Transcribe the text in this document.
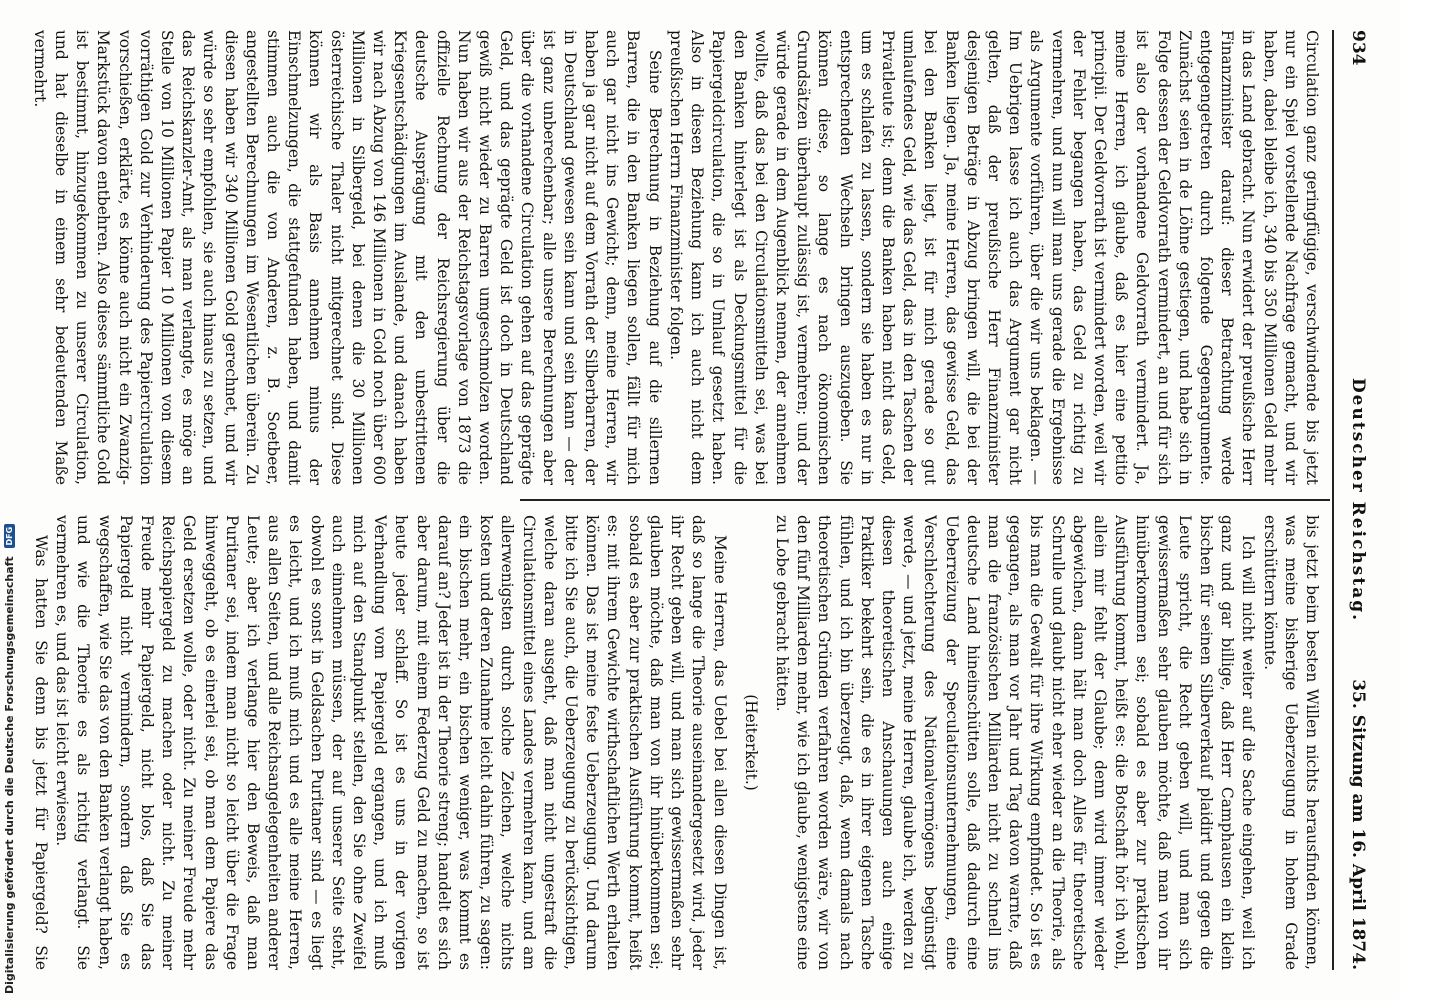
934
Deutscher Reichstag.
35. Sitzung am 16. April 1874.

Circulation ganz geringfügige, verschwindende bis jetzt nur ein Spiel vorstellende Nachfrage gemacht, und wir haben, dabei bleibe ich, 340 bis 350 Millionen Geld mehr in das Land gebracht. Nun erwidert der preußische Herr Finanzminister darauf: dieser Betrachtung werde entgegengetreten durch folgende Gegenargumente. Zunächst seien in de Löhne gestiegen, und habe sich in Folge dessen der Geldvorrath vermindert, an und für sich ist also der vorhandene Geldvorrath vermindert. Ja, meine Herren, ich glaube, daß es hier eine petitio principii. Der Geldvorrath ist vermindert worden, weil wir der Fehler begangen haben, das Geld zu richtig zu vermehren, und nun will man uns gerade die Ergebnisse als Argumente vorführen, über die wir uns beklagen. — Im Uebrigen lasse ich auch das Argument gar nicht gelten, daß der preußische Herr Finanzminister desjenigen Beträge in Abzug bringen will, die bei der Banken liegen. Ja, meine Herren, das gewisse Geld, das bei den Banken liegt, ist für mich gerade so gut umlaufendes Geld, wie das Geld, das in den Taschen der Privatleute ist; denn die Banken haben nicht das Geld, um es schlafen zu lassen, sondern sie haben es nur in entsprechenden Wechseln bringen auszugeben. Sie können diese, so lange es nach ökonomischen Grundsätzen überhaupt zulässig ist, vermehren; und der würde gerade in dem Augenblick nennen, der annehmen wollte, daß das bei den Circulationsmitteln sei, was bei den Banken hinterlegt ist als Deckungsmittel für die Papiergeldcirculation, die so in Umlauf gesetzt haben. Also in diesen Beziehung kann ich auch nicht dem preußischen Herrn Finanzminister folgen.

Seine Berechnung in Beziehung auf die sillernen Barren, die in den Banken liegen sollen, fällt für mich auch gar nicht ins Gewicht; denn, meine Herren, wir haben ja gar nicht auf dem Vorrath der Silberbarren, der in Deutschland gewesen sein kann und sein kann — der ist ganz unberechenbar; alle unsere Berechnungen aber über die vorhandene Circulation gehen auf das geprägte Geld, und das geprägte Geld ist doch in Deutschland gewiß nicht wieder zu Barren umgeschmolzen worden. Nun haben wir aus der Reichstagsvorlage von 1873 die offizielle Rechnung der Reichsregierung über die deutsche Ausprägung mit den unbestrittenen Kriegsentschädigungen im Auslande, und danach haben wir nach Abzug von 146 Millionen in Gold noch über 600 Millionen in Silbergeld, bei denen die 30 Millionen österreichische Thaler nicht mitgerechnet sind. Diese können wir als Basis annehmen minus der Einschmelzungen, die stattgefunden haben, und damit stimmen auch die von Anderen, z. B. Soetbeer, angestellten Berechnungen im Wesentlichen überein. Zu diesen haben wir 340 Millionen Gold gerechnet, und wir würde so sehr empfohlen, sie auch hinaus zu setzen, und das Reichskanzler-Amt, als man verlangte, es möge an Stelle von 10 Millionen Papier 10 Millionen von diesem vorräthigen Gold zur Verhinderung des Papiercirculation vorschießen, erklärte, es könne auch nicht ein Zwanzig-Markstück davon entbehren. Also dieses sämmtliche Gold ist bestimmt, hinzugekommen zu unserer Circulation, und hat dieselbe in einem sehr bedeutenden Maße vermehrt.

bis jetzt beim besten Willen nichts herausfinden können, was meine bisherige Ueberzeugung in hohem Grade erschüttern könnte.

Ich will nicht weiter auf die Sache eingehen, weil ich ganz und gar billige, daß Herr Camphausen ein klein bischen für seinen Silberverkauf plaidirt und gegen die Leute spricht, die Recht geben will, und man sich gewissermaßen sehr glauben möchte, daß man von ihr hinüberkommen sei; sobald es aber zur praktischen Ausführung kommt, heißt es: die Botschaft hör ich wohl, allein mir fehlt der Glaube; denn wird immer wieder abgewichen, dann hält man doch Alles für theoretische Schrulle und glaubt nicht eher wieder an die Theorie, als bis man die Gewalt für ihre Wirkung empfindet. So ist es gegangen, als man vor Jahr und Tag davon warnte, daß man die französischen Milliarden nicht zu schnell ins deutsche Land hineinschütten solle, daß dadurch eine Ueberreizung der Speculationsunternehmungen, eine Verschlechterung des Nationalvermögens begünstigt werde, — und jetzt, meine Herren, glaube ich, werden zu diesen theoretischen Anschauungen auch einige Praktiker bekehrt sein, die es in ihrer eigenen Tasche fühlen, und ich bin überzeugt, daß, wenn damals nach theoretischen Gründen verfahren worden wäre, wir von den fünf Milliarden mehr, wie ich glaube, wenigstens eine zu Lobe gebracht hätten.

(Heiterkeit.)

Meine Herren, das Uebel bei allen diesen Dingen ist, daß so lange die Theorie auseinandergesetzt wird, jeder ihr Recht geben will, und man sich gewissermaßen sehr glauben möchte, daß man von ihr hinüberkommen sei; sobald es aber zur praktischen Ausführung kommt, heißt es: mit ihrem Gewichte wirthschaftlichen Werth erhalten können. Das ist meine feste Ueberzeugung. Und darum bitte ich Sie auch, die Ueberzeugung zu berücksichtigen, welche daran ausgeht, daß man nicht ungestraft die Circulationsmittel eines Landes vermehren kann, und am allerwenigsten durch solche Zeichen, welche nichts kosten und deren Zunahme leicht dahin führen, zu sagen: ein bischen mehr, ein bischen weniger, was kommt es darauf an? Jeder ist in der Theorie streng; handelt es sich aber darum, mit einem Federzug Geld zu machen, so ist heute jeder schlaff. So ist es uns in der vorigen Verhandlung vom Papiergeld ergangen, und ich muß mich auf den Standpunkt stellen, den Sie ohne Zweifel auch einnehmen müssen, der auf unserer Seite steht, obwohl es sonst in Geldsachen Puritaner sind — es liegt es leicht, und ich muß mich und es alle meine Herren, aus allen Seiten, und alle Reichsangelegenheiten anderer Leute; aber ich verlange hier den Beweis, daß man Puritaner sei, indem man nicht so leicht über die Frage hinweggeht, ob es einerlei sei, ob man dem Papiere das Geld ersetzen wolle, oder nicht. Zu meiner Freude mehr Reichspapiergeld zu machen oder nicht. Zu meiner Freude mehr Papiergeld, nicht blos, daß Sie das Papiergeld nicht vermindern, sondern daß Sie es wegschaffen, wie Sie das von den Banken verlangt haben, und wie die Theorie es als richtig verlangt. Sie vermehren es, und das ist leicht erwiesen.

Was hatten Sie denn bis jetzt für Papiergeld? Sie

Digitalisierung gefördert durch die Deutsche Forschungsgemeinschaft DFG
